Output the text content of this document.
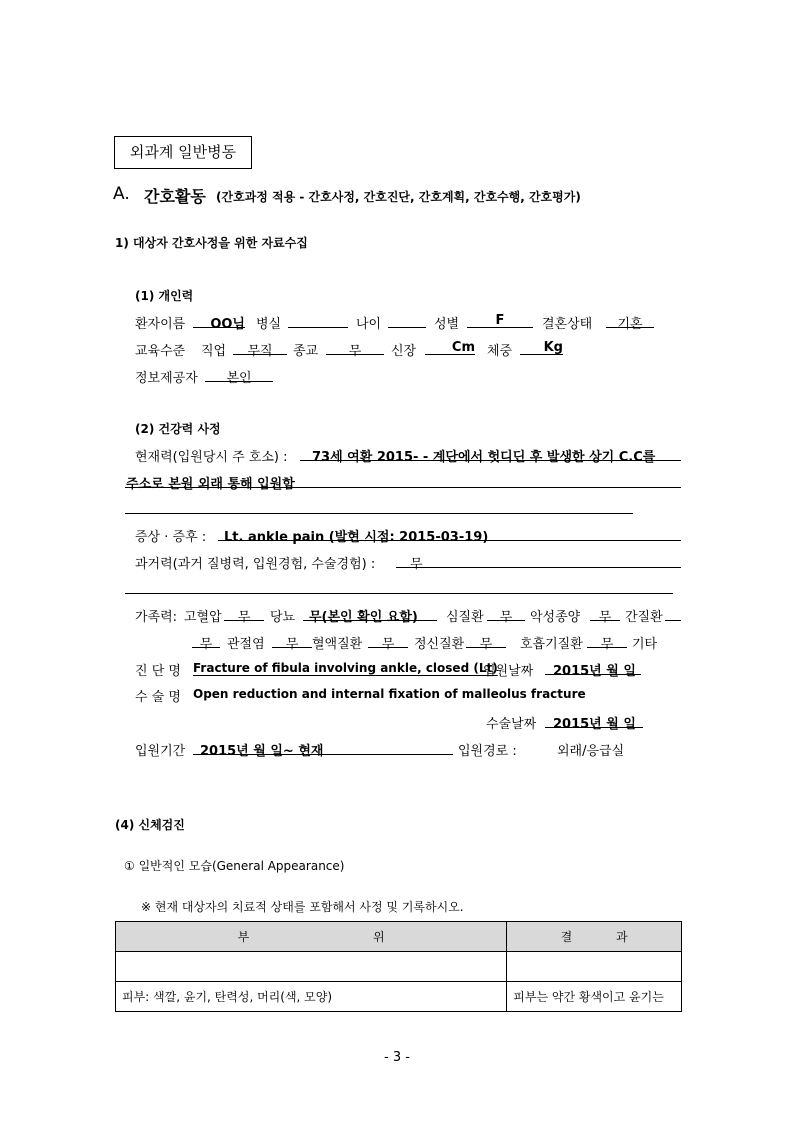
외과계 일반병동
A. 간호활동 (간호과정 적용 - 간호사정, 간호진단, 간호계획, 간호수행, 간호평가)
1) 대상자 간호사정을 위한 자료수집
(1) 개인력
환자이름	OO님 병실	나이	성별	F	결혼상태	기혼
교육수준 직업	무직	종교	무	신장	Cm 체중	Kg
정보제공자	본인
(2) 건강력 사정
현재력(입원당시 주 호소) : 73세 여환 2015- - 계단에서 헛디딘 후 발생한 상기 C.C를
주소로 본원 외래 통해 입원함
증상 · 증후 : Lt. ankle pain (발현 시점: 2015-03-19)
과거력(과거 질병력, 입원경험, 수술경험) :	무
가족력: 고혈압	무	당뇨 무(본인 확인 요함) 심질환	무	악성종양	무	간질환
무	관절염	무	혈액질환	무	정신질환	무	호흡기질환	무	기타
진 단 명 Fracture of fibula involving ankle, closed (Lt)
입원날짜 2015년 월 일
수 술 명 Open reduction and internal fixation of malleolus fracture
수술날짜 2015년 월 일
입원기간 2015년 월 일~ 현재	입원경로 :	외래/응급실
(4) 신체검진
① 일반적인 모습(General Appearance)
※ 현재 대상자의 치료적 상태를 포함해서 사정 및 기록하시오.
부 위	결 과

피부: 색깔, 윤기, 탄력성, 머리(색, 모양)	피부는 약간 황색이고 윤기는
- 3 -
